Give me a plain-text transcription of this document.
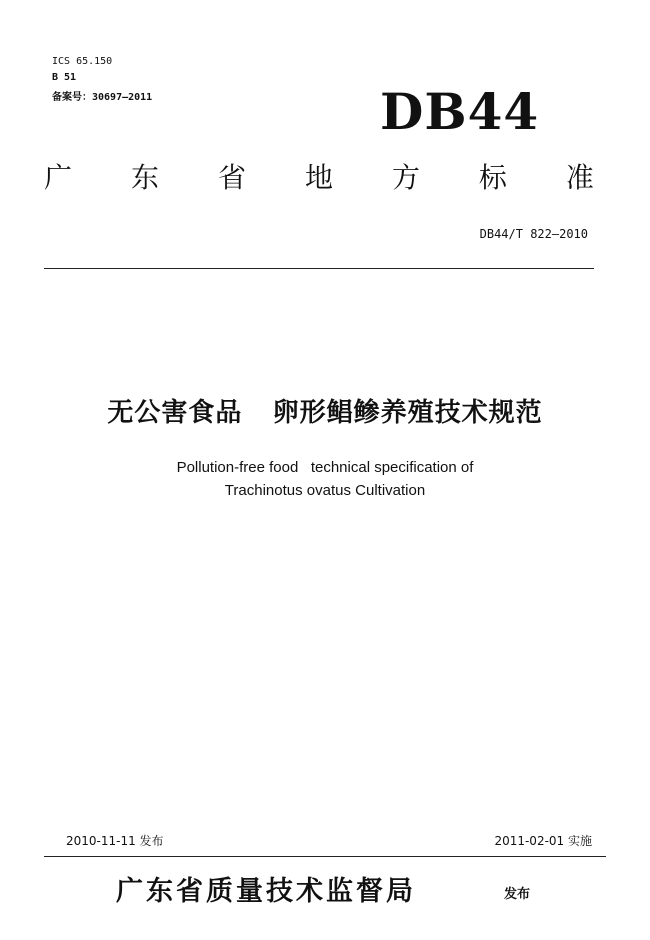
ICS 65.150
B 51
备案号：30697—2011	DB44
广 东 省 地 方 标 准
DB44/T 822—2010
无公害食品   卵形鲳鲹养殖技术规范
Pollution-free food   technical specification of
Trachinotus ovatus Cultivation
2010-11-11 发布	2011-02-01 实施
广东省质量技术监督局	发布
